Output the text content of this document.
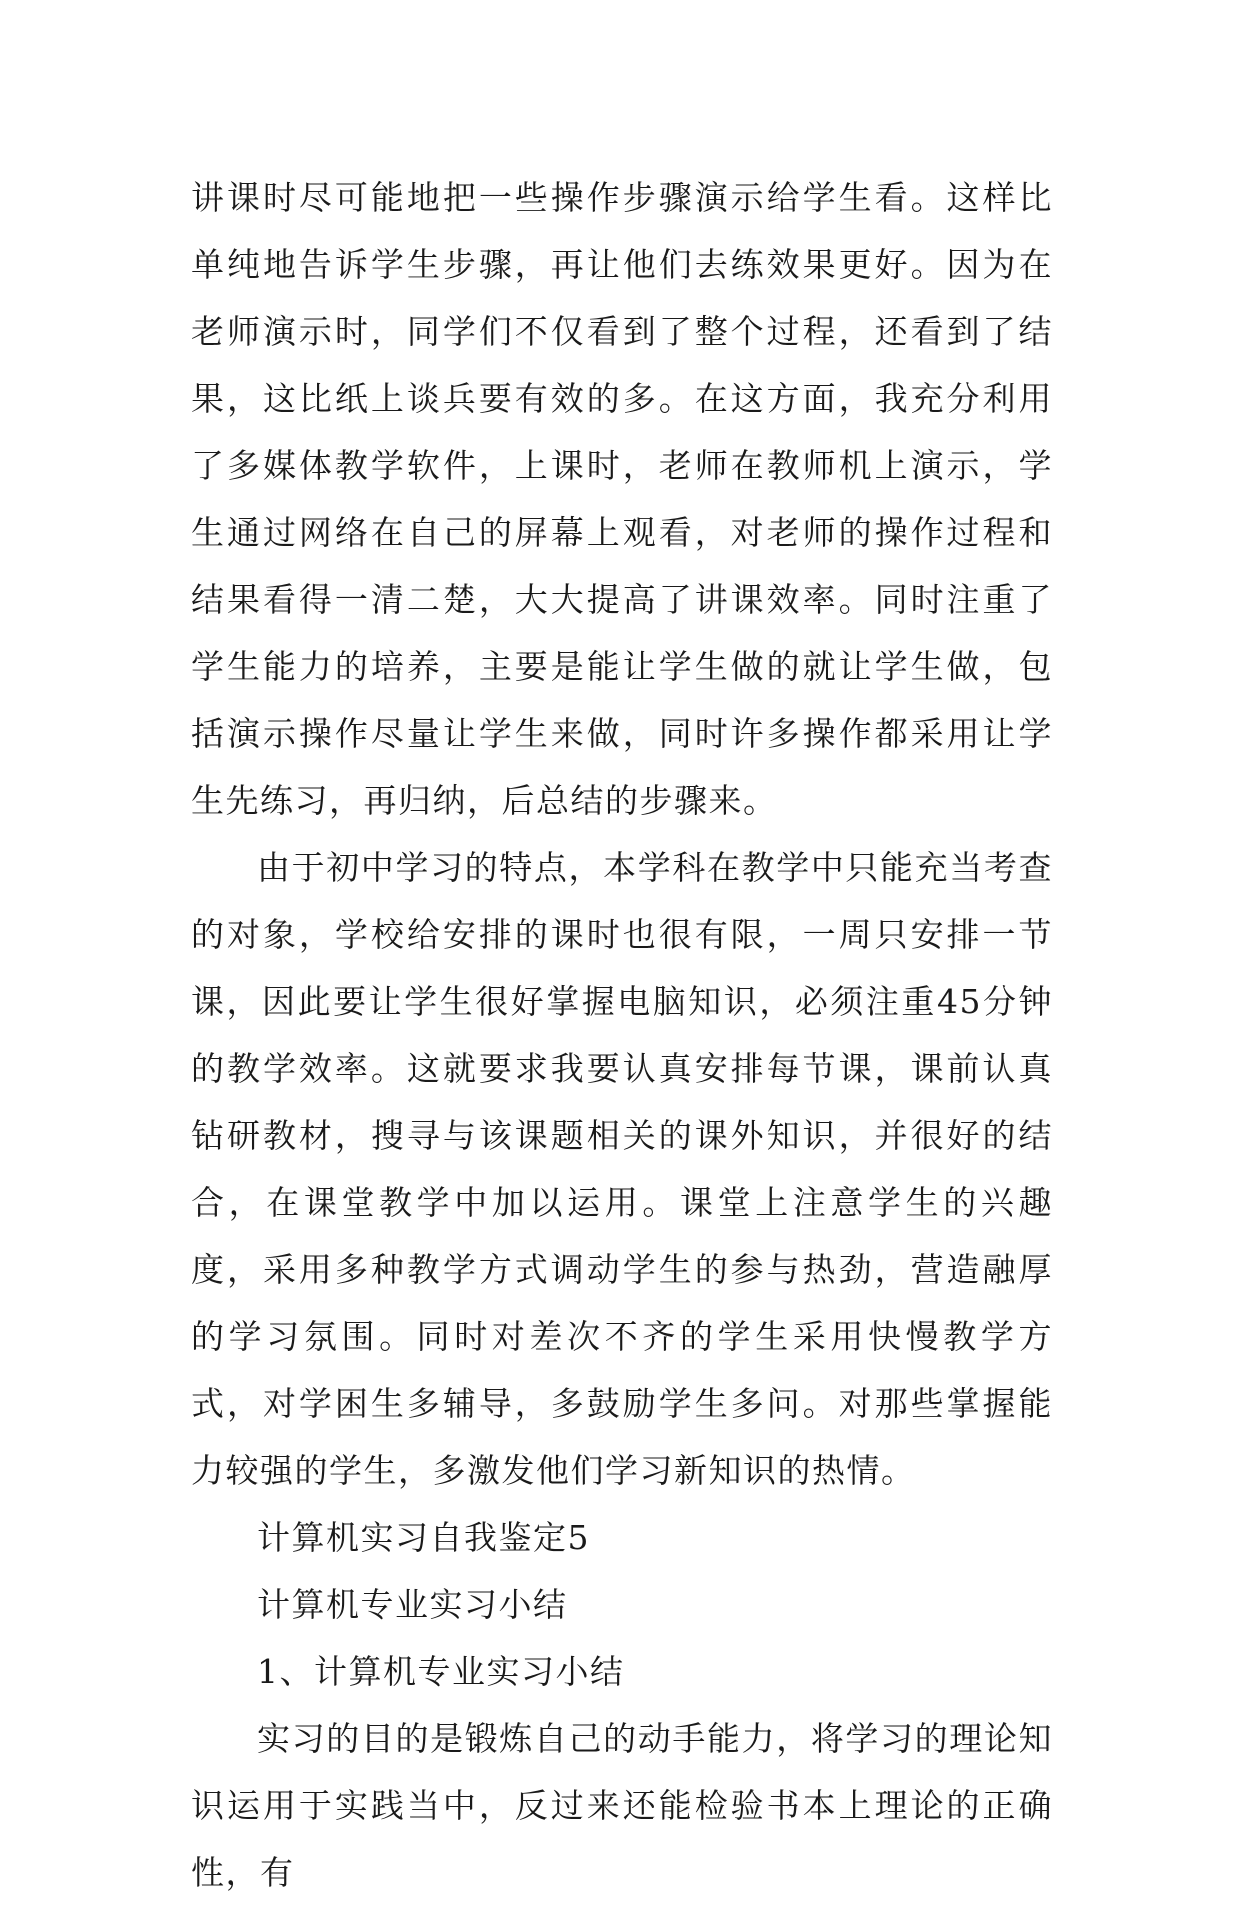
讲课时尽可能地把一些操作步骤演示给学生看。这样比单纯地告诉学生步骤，再让他们去练效果更好。因为在老师演示时，同学们不仅看到了整个过程，还看到了结果，这比纸上谈兵要有效的多。在这方面，我充分利用了多媒体教学软件，上课时，老师在教师机上演示，学生通过网络在自己的屏幕上观看，对老师的操作过程和结果看得一清二楚，大大提高了讲课效率。同时注重了学生能力的培养，主要是能让学生做的就让学生做，包括演示操作尽量让学生来做，同时许多操作都采用让学生先练习，再归纳，后总结的步骤来。

由于初中学习的特点，本学科在教学中只能充当考查的对象，学校给安排的课时也很有限，一周只安排一节课，因此要让学生很好掌握电脑知识，必须注重45分钟的教学效率。这就要求我要认真安排每节课，课前认真钻研教材，搜寻与该课题相关的课外知识，并很好的结合，在课堂教学中加以运用。课堂上注意学生的兴趣度，采用多种教学方式调动学生的参与热劲，营造融厚的学习氛围。同时对差次不齐的学生采用快慢教学方式，对学困生多辅导，多鼓励学生多问。对那些掌握能力较强的学生，多激发他们学习新知识的热情。

计算机实习自我鉴定5

计算机专业实习小结

1、计算机专业实习小结

实习的目的是锻炼自己的动手能力，将学习的理论知识运用于实践当中，反过来还能检验书本上理论的正确性，有
